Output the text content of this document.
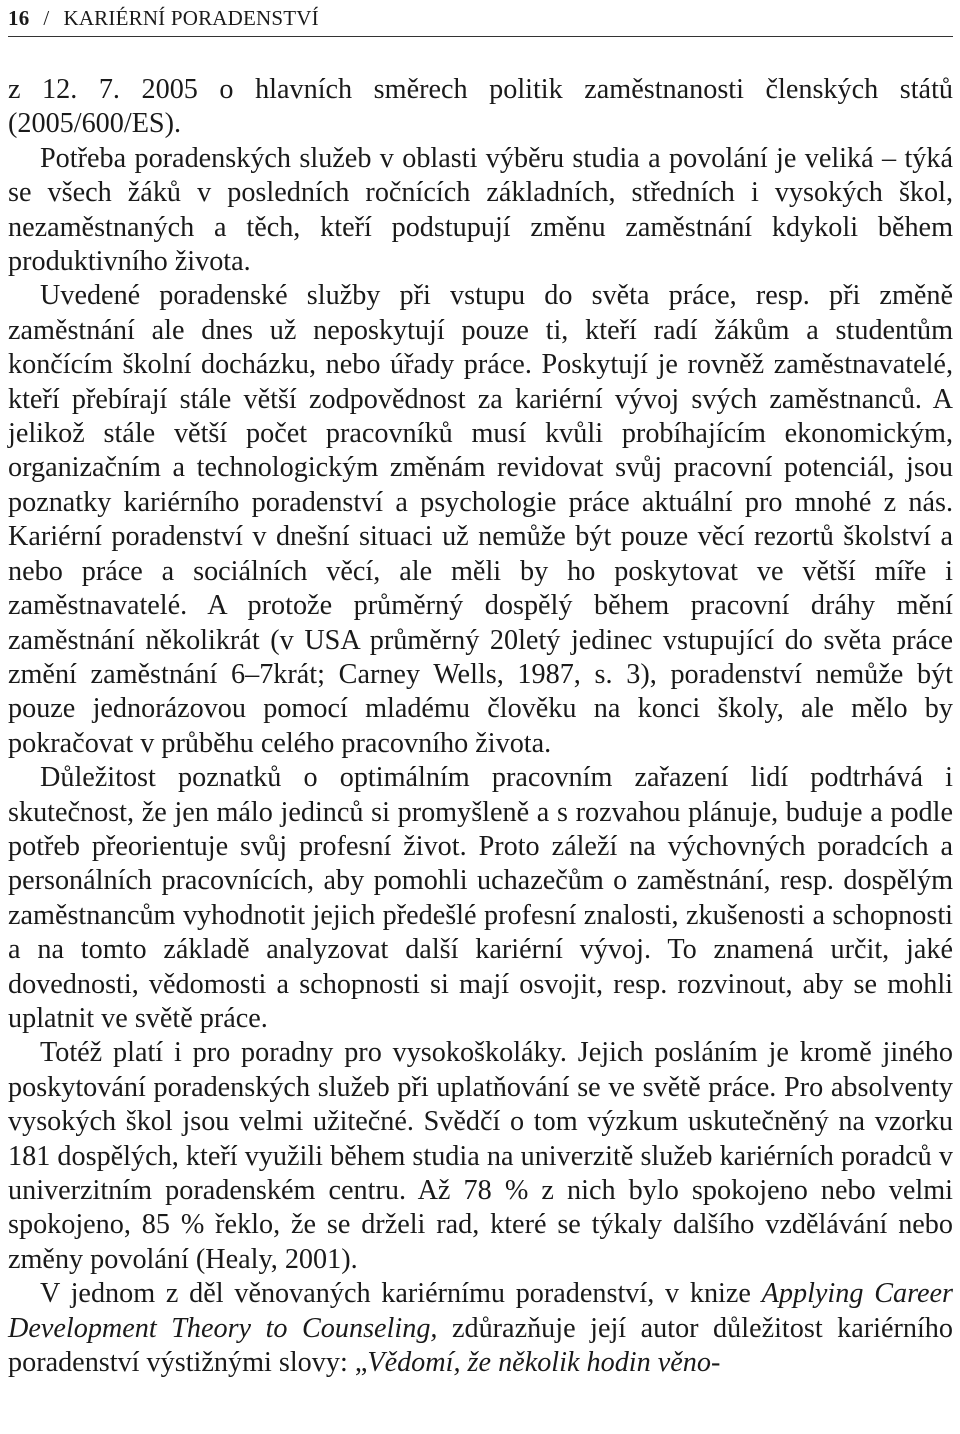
16 / KARIÉRNÍ PORADENSTVÍ

z 12. 7. 2005 o hlavních směrech politik zaměstnanosti členských států (2005/600/ES).

Potřeba poradenských služeb v oblasti výběru studia a povolání je veliká – týká se všech žáků v posledních ročnících základních, středních i vysokých škol, nezaměstnaných a těch, kteří podstupují změnu zaměstnání kdykoli během produktivního života.

Uvedené poradenské služby při vstupu do světa práce, resp. při změně zaměstnání ale dnes už neposkytují pouze ti, kteří radí žákům a studentům končícím školní docházku, nebo úřady práce. Poskytují je rovněž zaměstnavatelé, kteří přebírají stále větší zodpovědnost za kariérní vývoj svých zaměstnanců. A jelikož stále větší počet pracovníků musí kvůli probíhajícím ekonomickým, organizačním a technologickým změnám revidovat svůj pracovní potenciál, jsou poznatky kariérního poradenství a psychologie práce aktuální pro mnohé z nás. Kariérní poradenství v dnešní situaci už nemůže být pouze věcí rezortů školství a nebo práce a sociálních věcí, ale měli by ho poskytovat ve větší míře i zaměstnavatelé. A protože průměrný dospělý během pracovní dráhy mění zaměstnání několikrát (v USA průměrný 20letý jedinec vstupující do světa práce změní zaměstnání 6–7krát; Carney Wells, 1987, s. 3), poradenství nemůže být pouze jednorázovou pomocí mladému člověku na konci školy, ale mělo by pokračovat v průběhu celého pracovního života.

Důležitost poznatků o optimálním pracovním zařazení lidí podtrhává i skutečnost, že jen málo jedinců si promyšleně a s rozvahou plánuje, buduje a podle potřeb přeorientuje svůj profesní život. Proto záleží na výchovných poradcích a personálních pracovnících, aby pomohli uchazečům o zaměstnání, resp. dospělým zaměstnancům vyhodnotit jejich předešlé profesní znalosti, zkušenosti a schopnosti a na tomto základě analyzovat další kariérní vývoj. To znamená určit, jaké dovednosti, vědomosti a schopnosti si mají osvojit, resp. rozvinout, aby se mohli uplatnit ve světě práce.

Totéž platí i pro poradny pro vysokoškoláky. Jejich posláním je kromě jiného poskytování poradenských služeb při uplatňování se ve světě práce. Pro absolventy vysokých škol jsou velmi užitečné. Svědčí o tom výzkum uskutečněný na vzorku 181 dospělých, kteří využili během studia na univerzitě služeb kariérních poradců v univerzitním poradenském centru. Až 78 % z nich bylo spokojeno nebo velmi spokojeno, 85 % řeklo, že se drželi rad, které se týkaly dalšího vzdělávání nebo změny povolání (Healy, 2001).

V jednom z děl věnovaných kariérnímu poradenství, v knize Applying Career Development Theory to Counseling, zdůrazňuje její autor důležitost kariérního poradenství výstižnými slovy: „Vědomí, že několik hodin věno-
